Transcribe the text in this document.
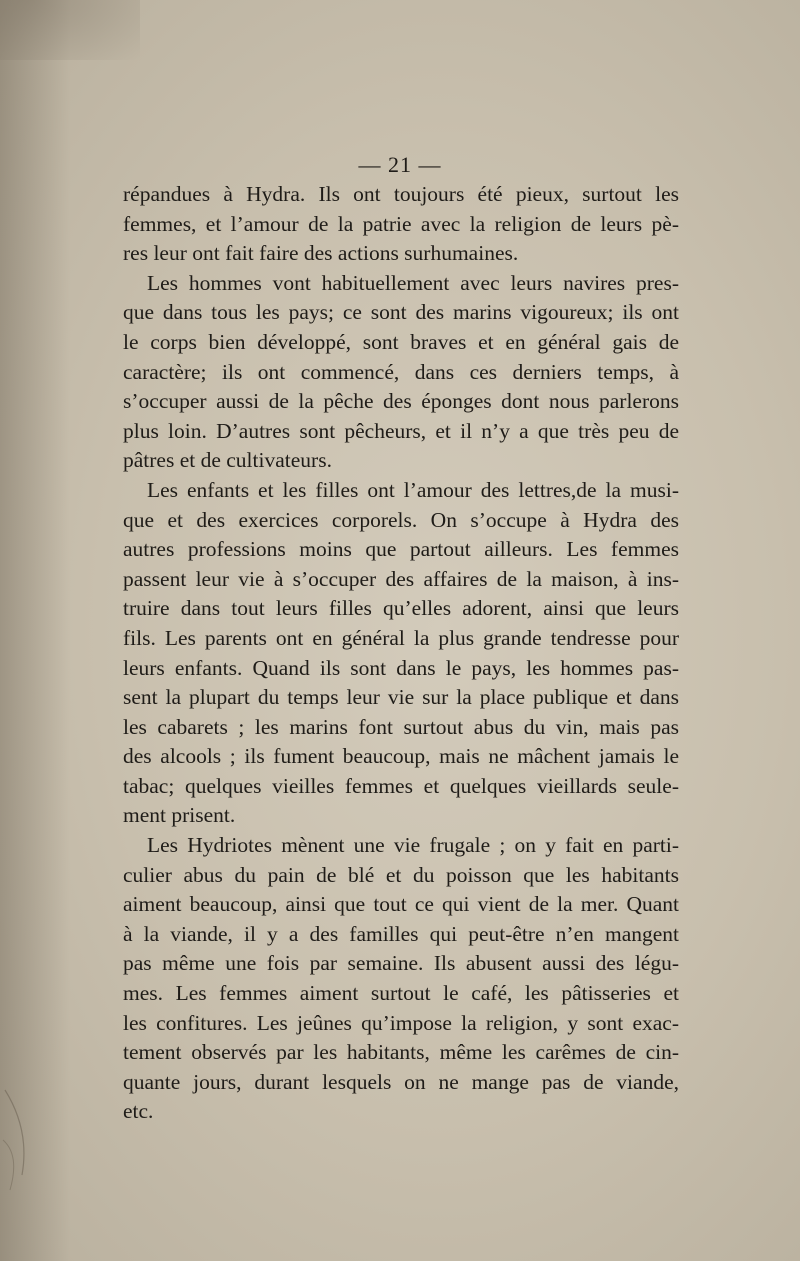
— 21 —
répandues à Hydra. Ils ont toujours été pieux, surtout les
femmes, et l’amour de la patrie avec la religion de leurs pè-
res leur ont fait faire des actions surhumaines.
Les hommes vont habituellement avec leurs navires pres-
que dans tous les pays; ce sont des marins vigoureux; ils ont
le corps bien développé, sont braves et en général gais de
caractère; ils ont commencé, dans ces derniers temps, à
s’occuper aussi de la pêche des éponges dont nous parlerons
plus loin. D’autres sont pêcheurs, et il n’y a que très peu de
pâtres et de cultivateurs.
Les enfants et les filles ont l’amour des lettres,de la musi-
que et des exercices corporels. On s’occupe à Hydra des
autres professions moins que partout ailleurs. Les femmes
passent leur vie à s’occuper des affaires de la maison, à ins-
truire dans tout leurs filles qu’elles adorent, ainsi que leurs
fils. Les parents ont en général la plus grande tendresse pour
leurs enfants. Quand ils sont dans le pays, les hommes pas-
sent la plupart du temps leur vie sur la place publique et dans
les cabarets ; les marins font surtout abus du vin, mais pas
des alcools ; ils fument beaucoup, mais ne mâchent jamais le
tabac; quelques vieilles femmes et quelques vieillards seule-
ment prisent.
Les Hydriotes mènent une vie frugale ; on y fait en parti-
culier abus du pain de blé et du poisson que les habitants
aiment beaucoup, ainsi que tout ce qui vient de la mer. Quant
à la viande, il y a des familles qui peut-être n’en mangent
pas même une fois par semaine. Ils abusent aussi des légu-
mes. Les femmes aiment surtout le café, les pâtisseries et
les confitures. Les jeûnes qu’impose la religion, y sont exac-
tement observés par les habitants, même les carêmes de cin-
quante jours, durant lesquels on ne mange pas de viande,
etc.
